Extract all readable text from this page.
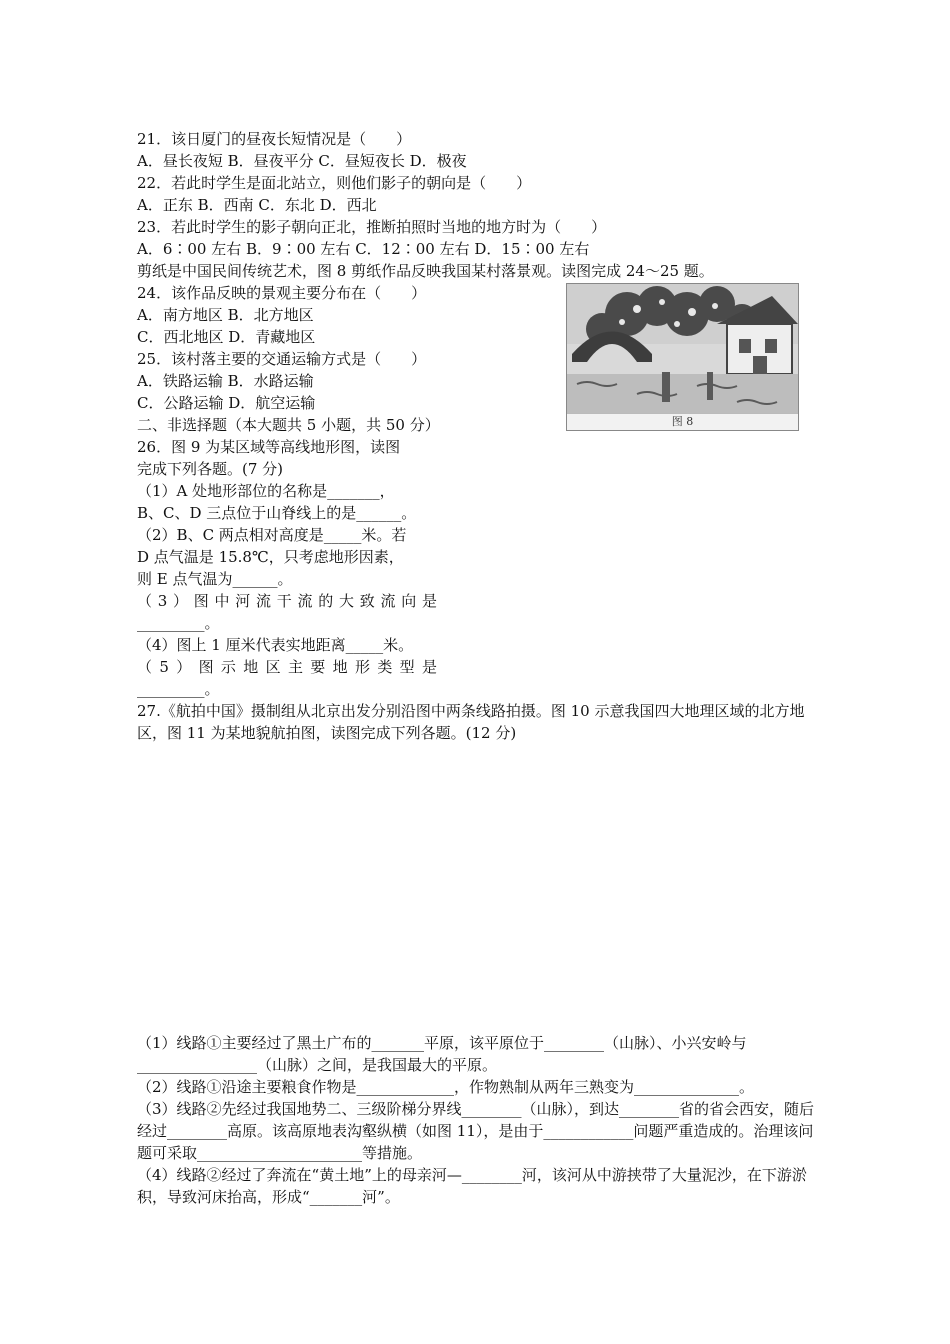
21．该日厦门的昼夜长短情况是（　　）
A．昼长夜短 B．昼夜平分 C．昼短夜长 D．极夜
22．若此时学生是面北站立，则他们影子的朝向是（　　）
A．正东 B．西南 C．东北 D．西北
23．若此时学生的影子朝向正北，推断拍照时当地的地方时为（　　）
A．6∶00 左右 B．9∶00 左右 C．12∶00 左右 D．15∶00 左右
剪纸是中国民间传统艺术，图 8 剪纸作品反映我国某村落景观。读图完成 24～25 题。
24．该作品反映的景观主要分布在（　　）
A．南方地区 B．北方地区
C．西北地区 D．青藏地区
25．该村落主要的交通运输方式是（　　）
A．铁路运输 B．水路运输
C．公路运输 D．航空运输
二、非选择题（本大题共 5 小题，共 50 分）
26．图 9 为某区域等高线地形图，读图
完成下列各题。(7 分)
（1）A 处地形部位的名称是_______，
B、C、D 三点位于山脊线上的是______。
（2）B、C 两点相对高度是_____米。若
D 点气温是 15.8℃，只考虑地形因素，
则 E 点气温为______。
（3）图中河流干流的大致流向是
_________。
（4）图上 1 厘米代表实地距离_____米。
（5）图示地区主要地形类型是
_________。
27.《航拍中国》摄制组从北京出发分别沿图中两条线路拍摄。图 10 示意我国四大地理区域的北方地区，图 11 为某地貌航拍图，读图完成下列各题。(12 分)
（1）线路①主要经过了黑土广布的_______平原，该平原位于________（山脉）、小兴安岭与
________________（山脉）之间，是我国最大的平原。
（2）线路①沿途主要粮食作物是_____________，作物熟制从两年三熟变为______________。
（3）线路②先经过我国地势二、三级阶梯分界线________（山脉），到达________省的省会西安，随后经过________高原。该高原地表沟壑纵横（如图 11），是由于____________问题严重造成的。治理该问题可采取______________________等措施。
（4）线路②经过了奔流在“黄土地”上的母亲河—________河，该河从中游挟带了大量泥沙，在下游淤积，导致河床抬高，形成“_______河”。
图 8
